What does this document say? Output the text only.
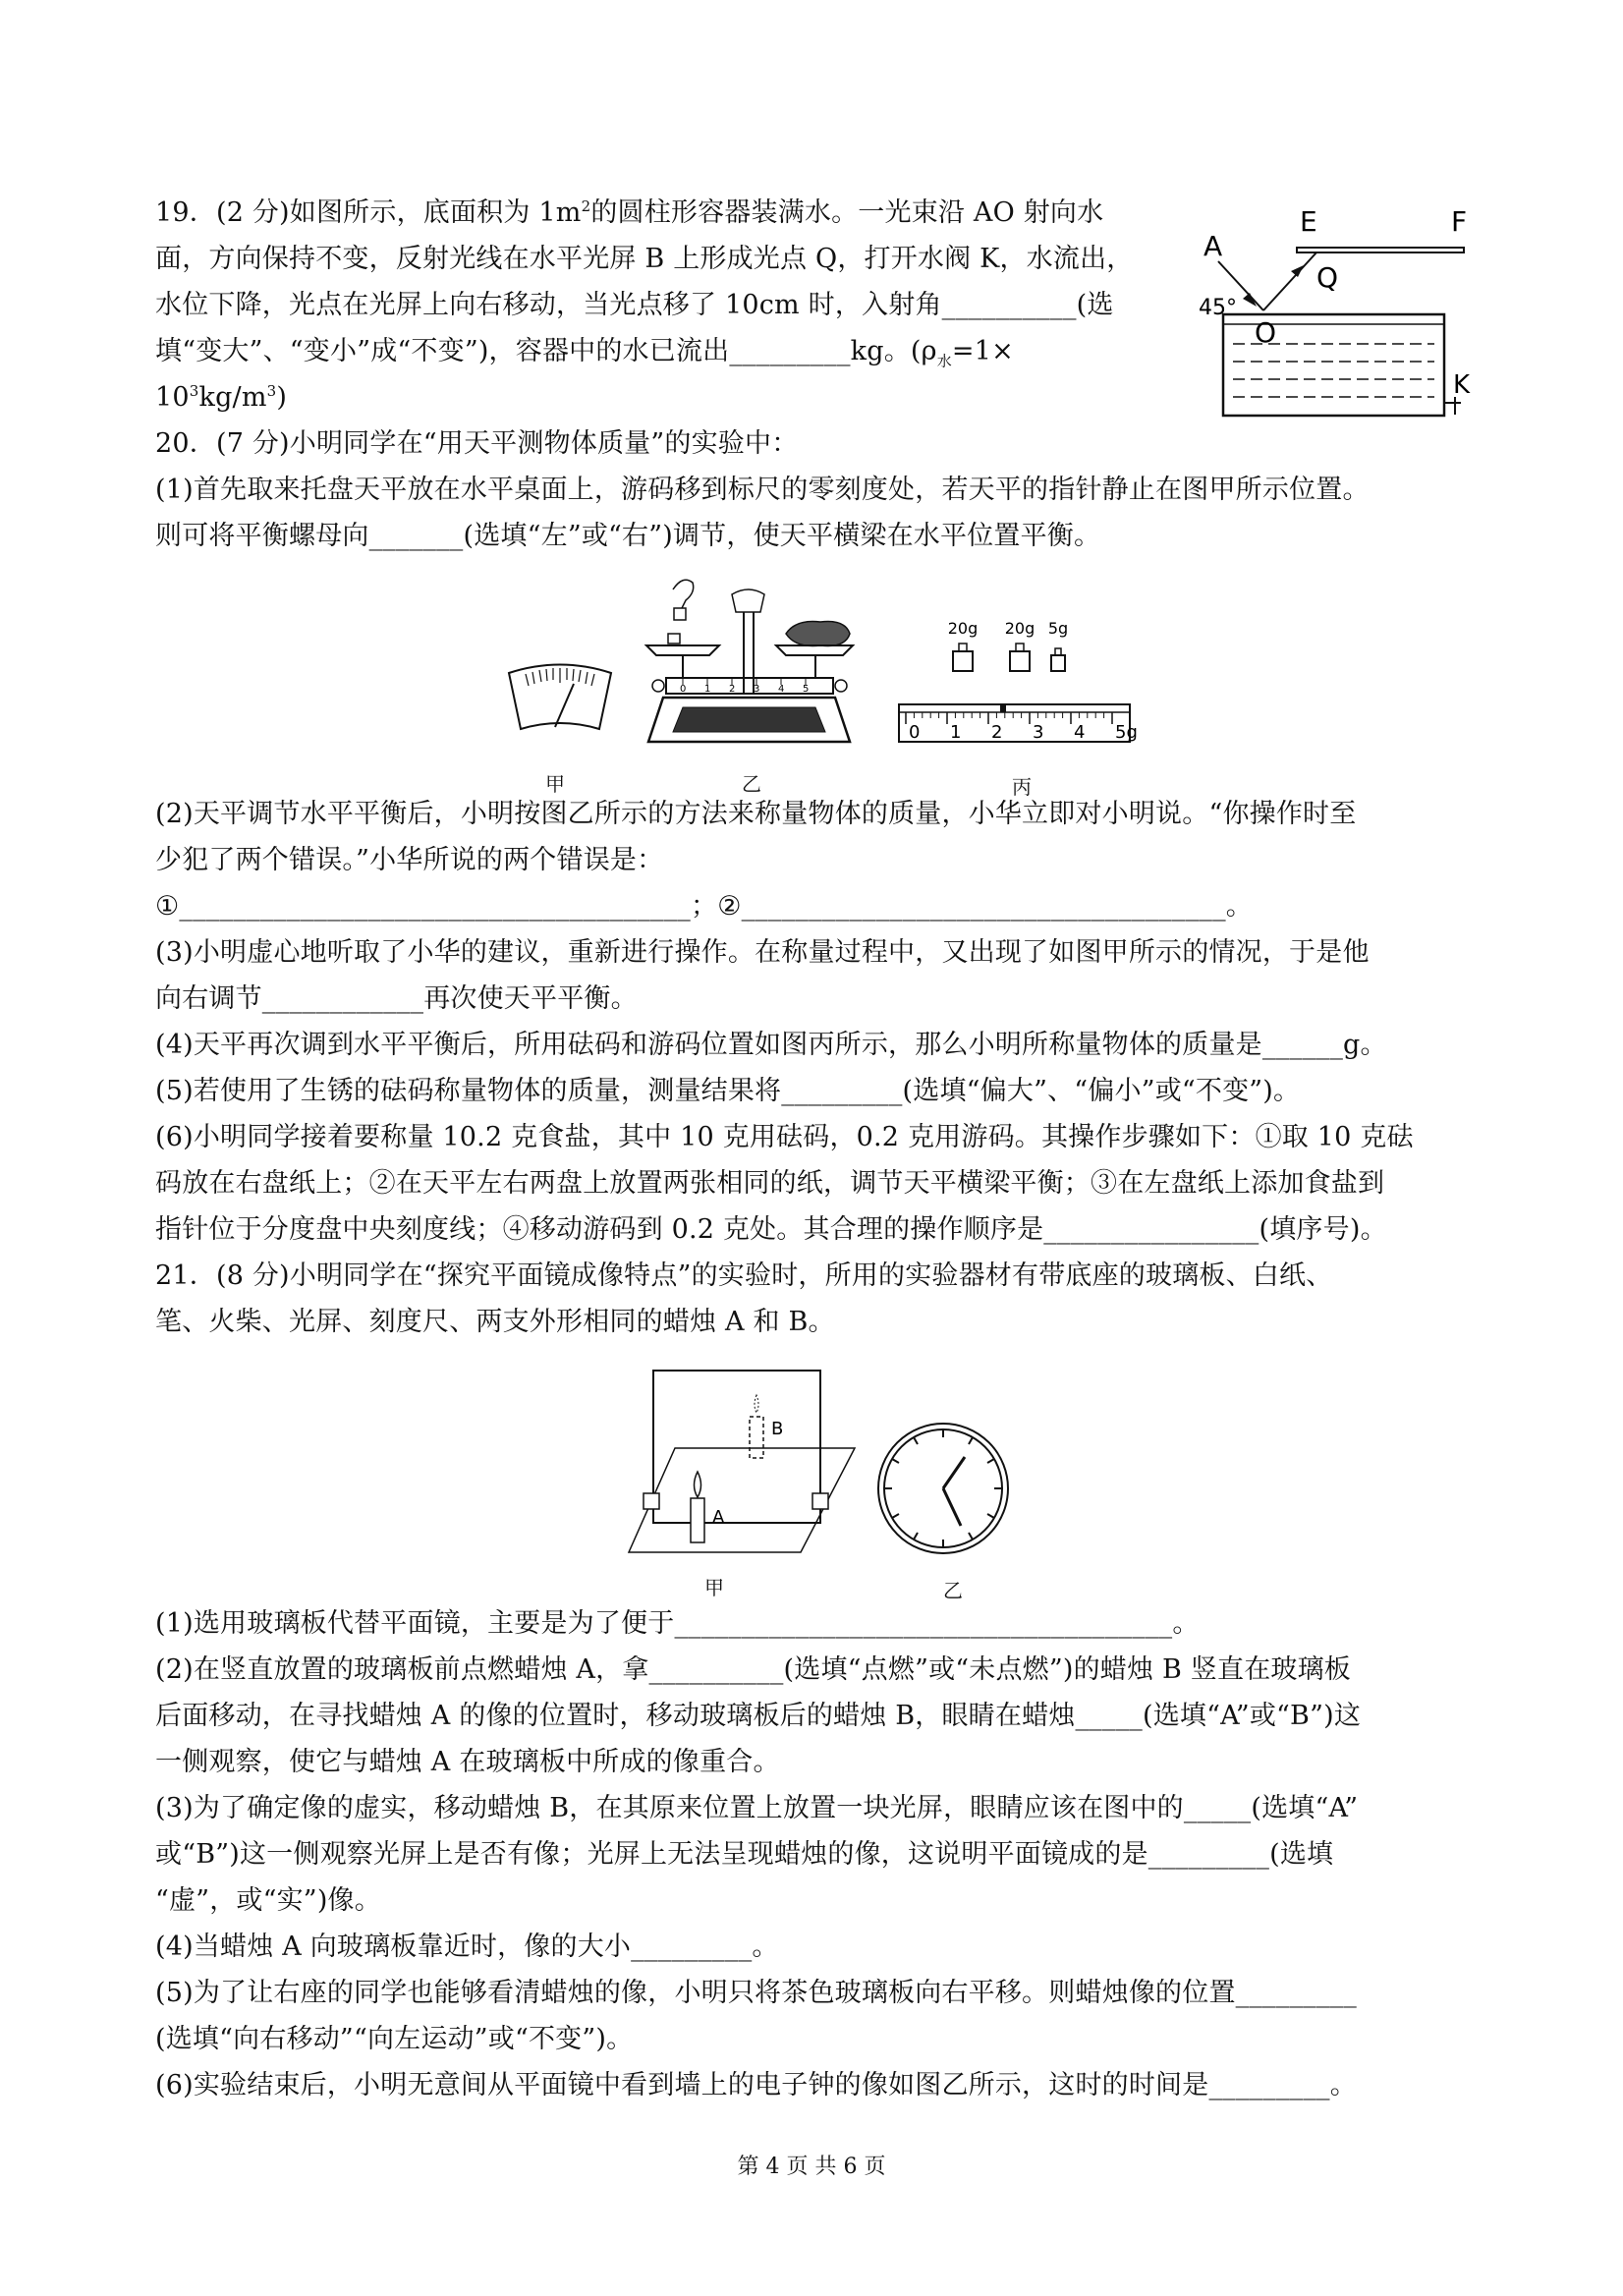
19．(2 分)如图所示，底面积为 $1m^2$的圆柱形容器装满水。一光束沿 AO 射向水
面，方向保持不变，反射光线在水平光屏 B 上形成光点 Q，打开水阀 K，水流出，
水位下降，光点在光屏上向右移动，当光点移了 10cm 时，入射角__________(选
填“变大”、“变小”成“不变”)，容器中的水已流出_________kg。($\rho_水=1\times$
$10^3kg/m^3$)
E	F
A
Q
45°
O
K
20．(7 分)小明同学在“用天平测物体质量”的实验中：
(1)首先取来托盘天平放在水平桌面上，游码移到标尺的零刻度处，若天平的指针静止在图甲所示位置。
则可将平衡螺母向_______(选填“左”或“右”)调节，使天平横梁在水平位置平衡。
甲
0 1 2 3 4 5
乙
20g 20g 5g
0 1 2 3 4 5g
丙
(2)天平调节水平平衡后，小明按图乙所示的方法来称量物体的质量，小华立即对小明说。“你操作时至
少犯了两个错误。”小华所说的两个错误是：
①______________________________________；②____________________________________。
(3)小明虚心地听取了小华的建议，重新进行操作。在称量过程中，又出现了如图甲所示的情况，于是他
向右调节____________再次使天平平衡。
(4)天平再次调到水平平衡后，所用砝码和游码位置如图丙所示，那么小明所称量物体的质量是______g。
(5)若使用了生锈的砝码称量物体的质量，测量结果将_________(选填“偏大”、“偏小”或“不变”)。
(6)小明同学接着要称量 10.2 克食盐，其中 10 克用砝码，0.2 克用游码。其操作步骤如下：①取 10 克砝
码放在右盘纸上；②在天平左右两盘上放置两张相同的纸，调节天平横梁平衡；③在左盘纸上添加食盐到
指针位于分度盘中央刻度线；④移动游码到 0.2 克处。其合理的操作顺序是________________(填序号)。
21．(8 分)小明同学在“探究平面镜成像特点”的实验时，所用的实验器材有带底座的玻璃板、白纸、
笔、火柴、光屏、刻度尺、两支外形相同的蜡烛 A 和 B。
B
A
甲	乙
(1)选用玻璃板代替平面镜，主要是为了便于_____________________________________。
(2)在竖直放置的玻璃板前点燃蜡烛 A，拿__________(选填“点燃”或“未点燃”)的蜡烛 B 竖直在玻璃板
后面移动，在寻找蜡烛 A 的像的位置时，移动玻璃板后的蜡烛 B，眼睛在蜡烛_____(选填“A”或“B”)这
一侧观察，使它与蜡烛 A 在玻璃板中所成的像重合。
(3)为了确定像的虚实，移动蜡烛 B，在其原来位置上放置一块光屏，眼睛应该在图中的_____(选填“A”
或“B”)这一侧观察光屏上是否有像；光屏上无法呈现蜡烛的像，这说明平面镜成的是_________(选填
“虚”，或“实”)像。
(4)当蜡烛 A 向玻璃板靠近时，像的大小_________。
(5)为了让右座的同学也能够看清蜡烛的像，小明只将茶色玻璃板向右平移。则蜡烛像的位置_________
(选填“向右移动”“向左运动”或“不变”)。
(6)实验结束后，小明无意间从平面镜中看到墙上的电子钟的像如图乙所示，这时的时间是_________。
第 4 页 共 6 页
